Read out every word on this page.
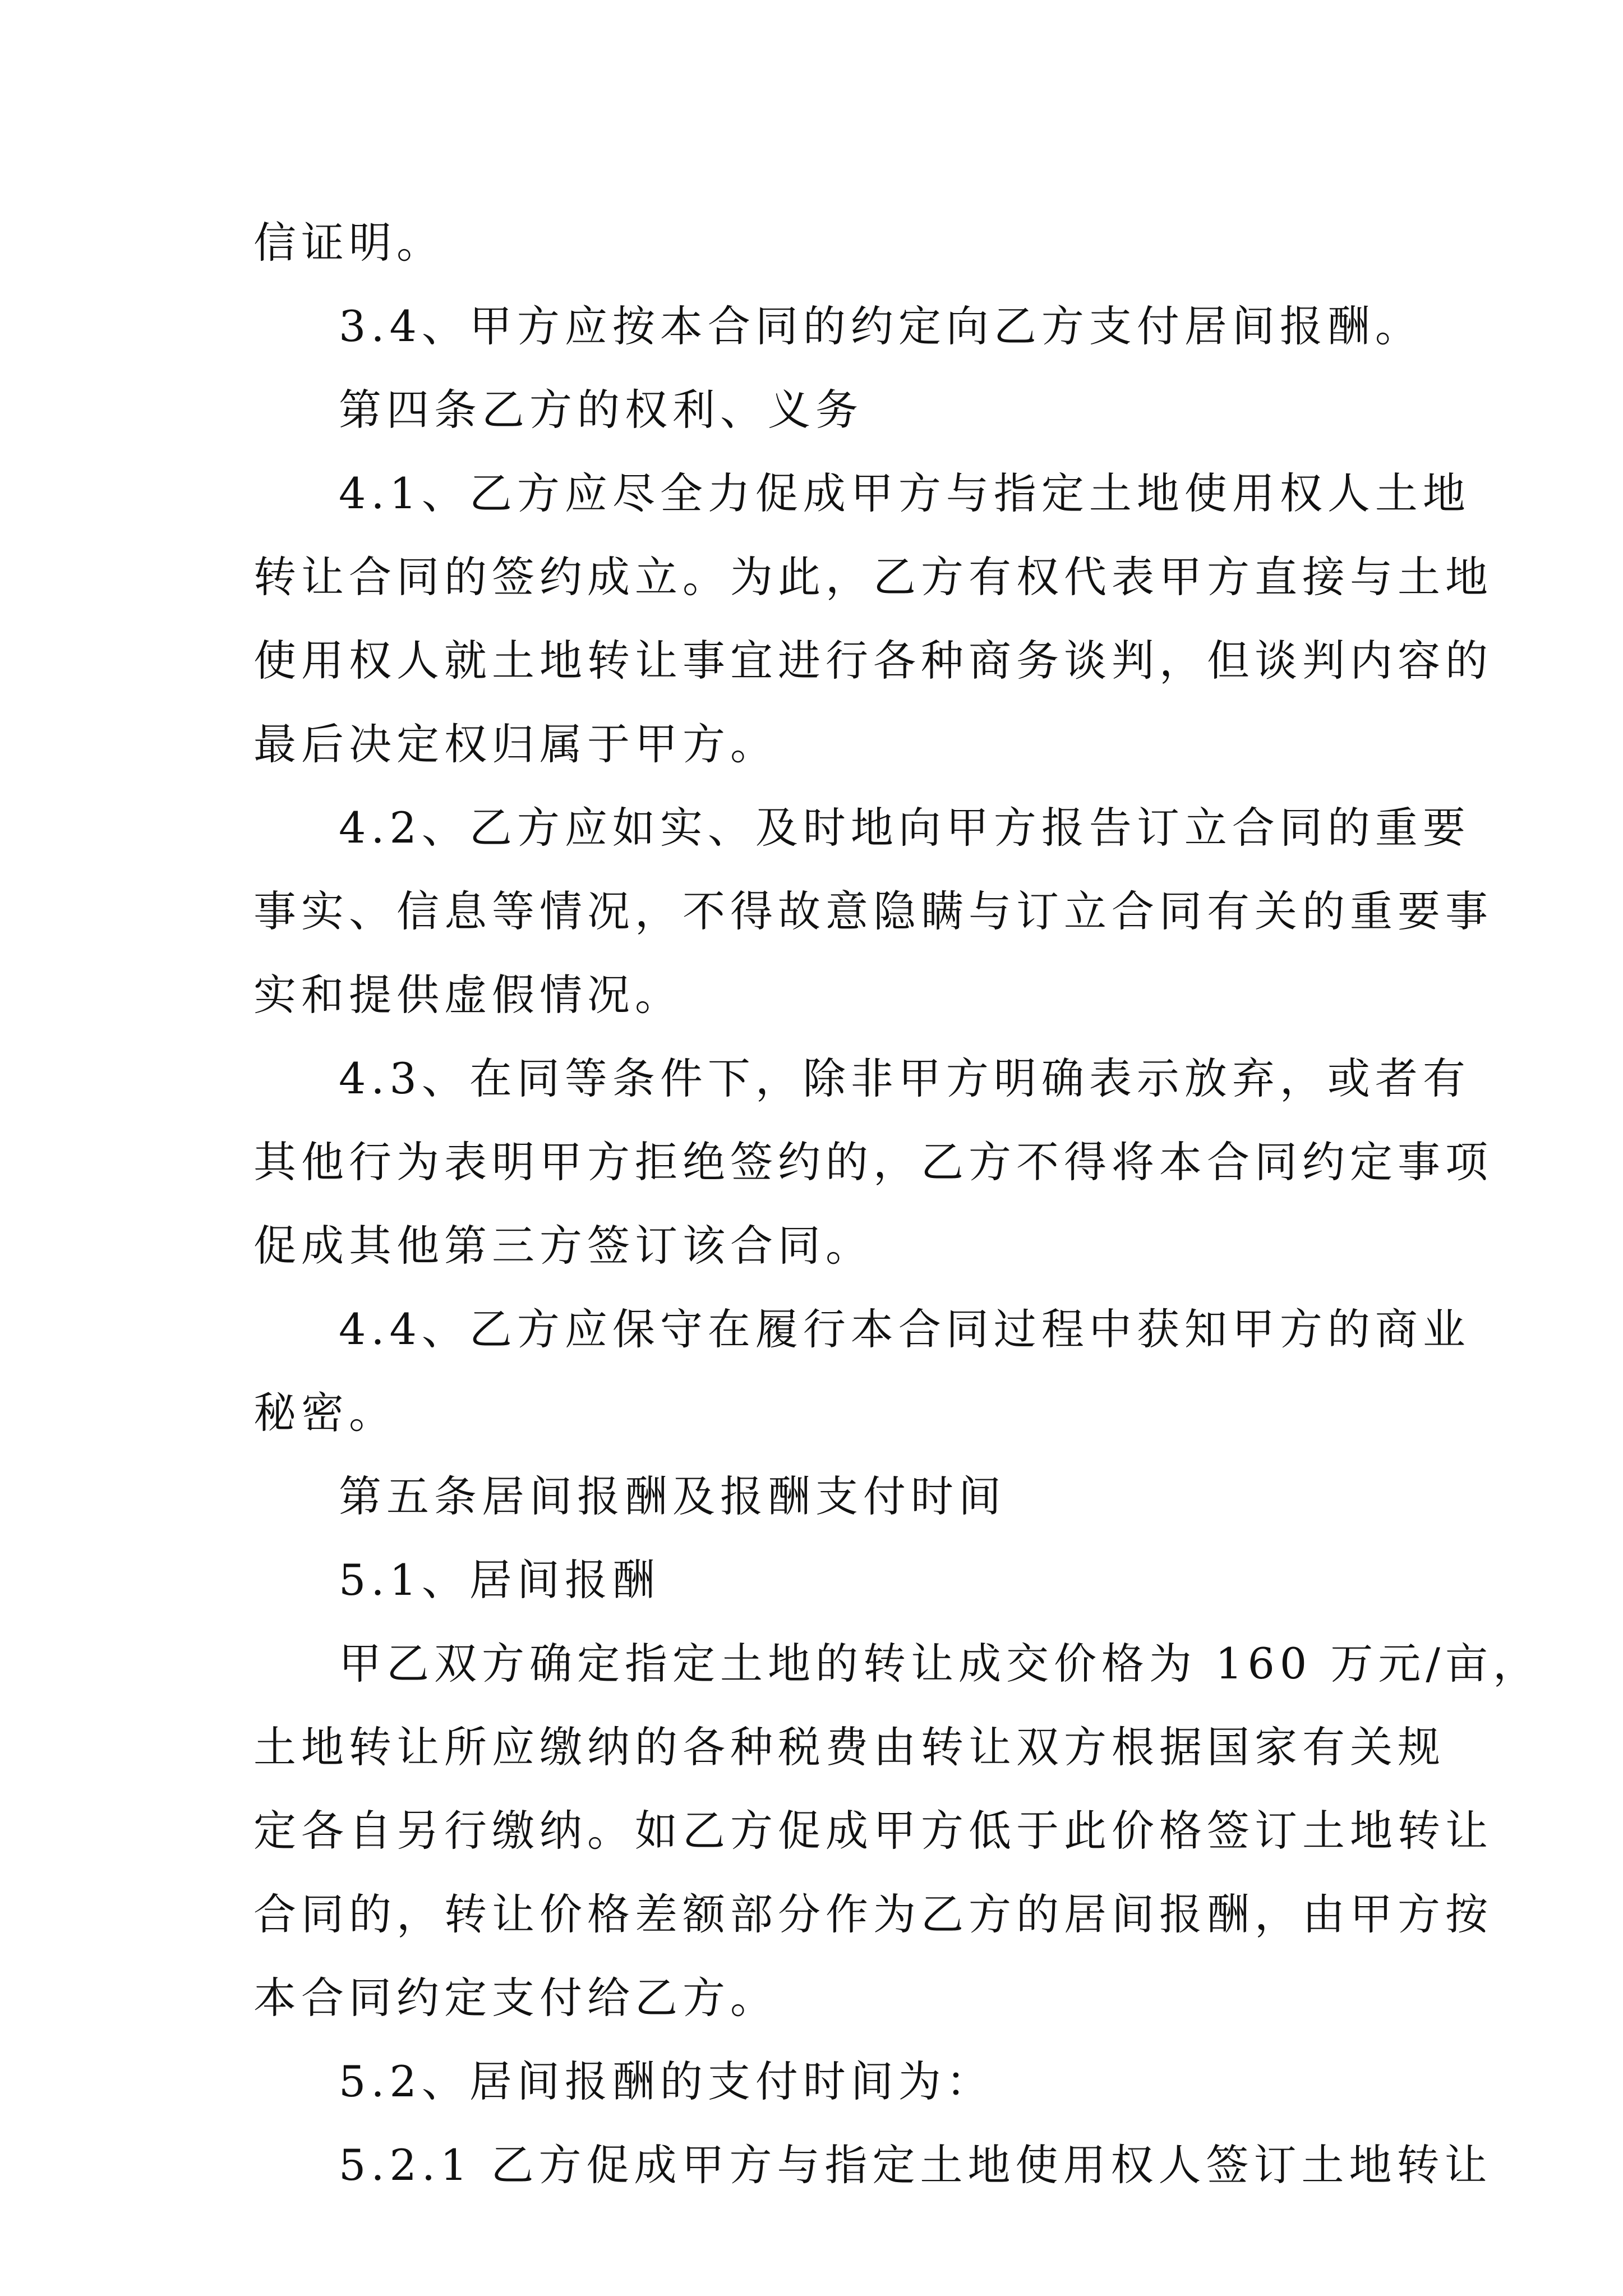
信证明。
3.4、甲方应按本合同的约定向乙方支付居间报酬。
第四条乙方的权利、义务
4.1、乙方应尽全力促成甲方与指定土地使用权人土地
转让合同的签约成立。为此，乙方有权代表甲方直接与土地
使用权人就土地转让事宜进行各种商务谈判，但谈判内容的
最后决定权归属于甲方。
4.2、乙方应如实、及时地向甲方报告订立合同的重要
事实、信息等情况，不得故意隐瞒与订立合同有关的重要事
实和提供虚假情况。
4.3、在同等条件下，除非甲方明确表示放弃，或者有
其他行为表明甲方拒绝签约的，乙方不得将本合同约定事项
促成其他第三方签订该合同。
4.4、乙方应保守在履行本合同过程中获知甲方的商业
秘密。
第五条居间报酬及报酬支付时间
5.1、居间报酬
甲乙双方确定指定土地的转让成交价格为 160 万元/亩，
土地转让所应缴纳的各种税费由转让双方根据国家有关规
定各自另行缴纳。如乙方促成甲方低于此价格签订土地转让
合同的，转让价格差额部分作为乙方的居间报酬，由甲方按
本合同约定支付给乙方。
5.2、居间报酬的支付时间为：
5.2.1 乙方促成甲方与指定土地使用权人签订土地转让
